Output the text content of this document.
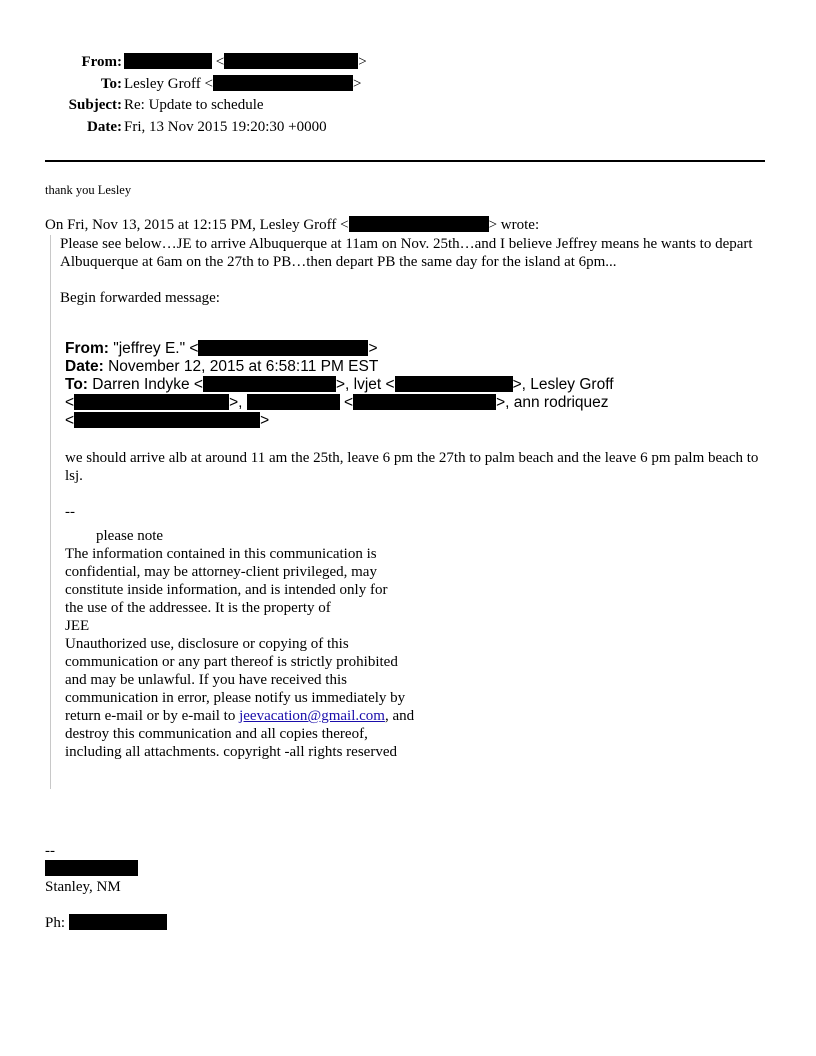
From:	<	>
To: Lesley Groff <	>
Subject: Re: Update to schedule
Date: Fri, 13 Nov 2015 19:20:30 +0000
thank you Lesley
On Fri, Nov 13, 2015 at 12:15 PM, Lesley Groff <	> wrote:

Please see below…JE to arrive Albuquerque at 11am on Nov. 25th…and I believe Jeffrey means he wants to depart Albuquerque at 6am on the 27th to PB…then depart PB the same day for the island at 6pm...

Begin forwarded message:

From: "jeffrey E." <	>
Date: November 12, 2015 at 6:58:11 PM EST
To: Darren Indyke <	>, lvjet <	>, Lesley Groff
<	>,	<	>, ann rodriquez
<	>

we should arrive alb at around 11 am the 25th, leave 6 pm the 27th to palm beach and the leave 6 pm palm beach to lsj.

--
please note
The information contained in this communication is
confidential, may be attorney-client privileged, may
constitute inside information, and is intended only for
the use of the addressee. It is the property of
JEE
Unauthorized use, disclosure or copying of this
communication or any part thereof is strictly prohibited
and may be unlawful. If you have received this
communication in error, please notify us immediately by
return e-mail or by e-mail to jeevacation@gmail.com, and
destroy this communication and all copies thereof,
including all attachments. copyright -all rights reserved
--
Stanley, NM
Ph:
